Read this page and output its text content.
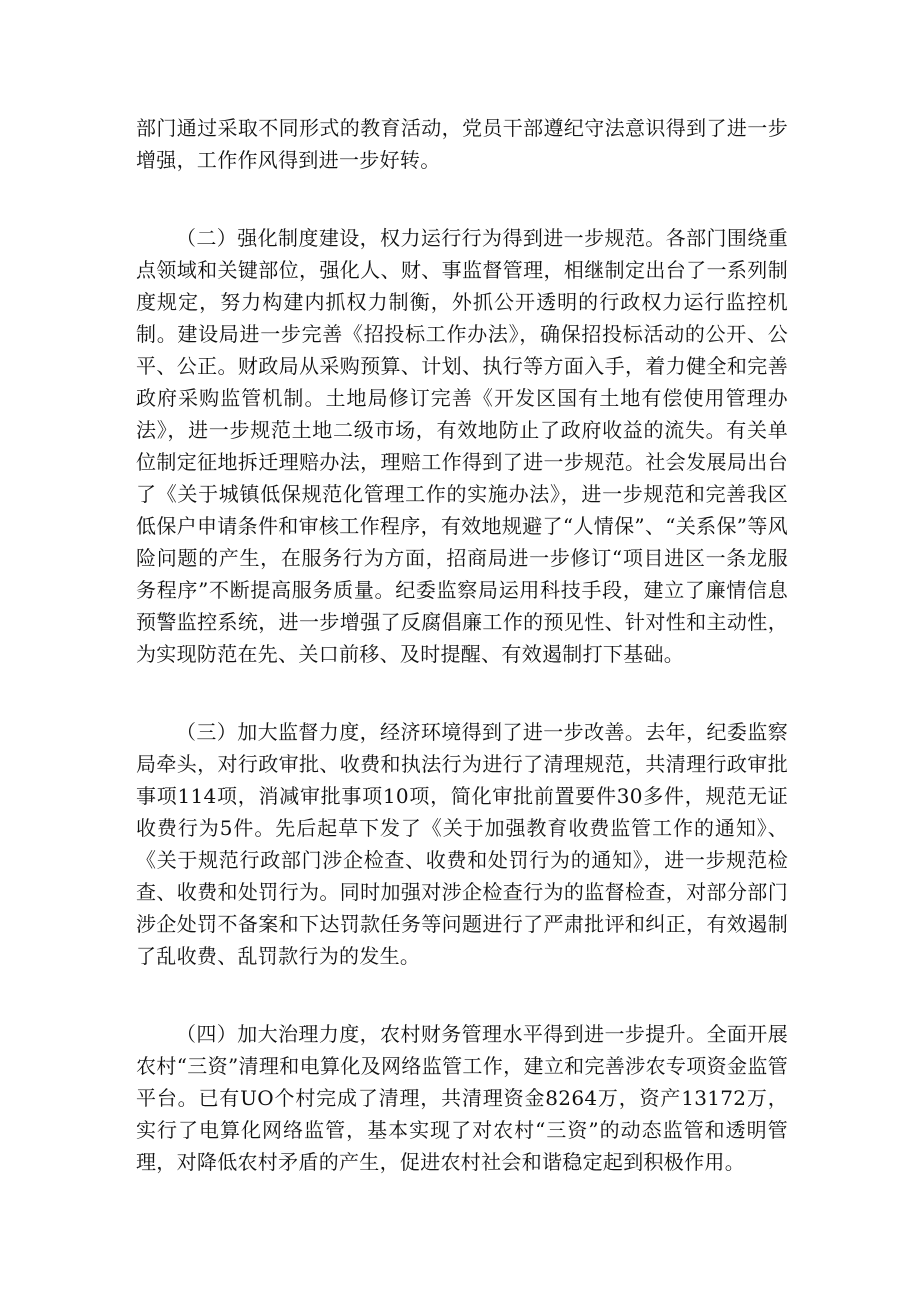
部门通过采取不同形式的教育活动，党员干部遵纪守法意识得到了进一步增强，工作作风得到进一步好转。

（二）强化制度建设，权力运行行为得到进一步规范。各部门围绕重点领域和关键部位，强化人、财、事监督管理，相继制定出台了一系列制度规定，努力构建内抓权力制衡，外抓公开透明的行政权力运行监控机制。建设局进一步完善《招投标工作办法》，确保招投标活动的公开、公平、公正。财政局从采购预算、计划、执行等方面入手，着力健全和完善政府采购监管机制。土地局修订完善《开发区国有土地有偿使用管理办法》，进一步规范土地二级市场，有效地防止了政府收益的流失。有关单位制定征地拆迁理赔办法，理赔工作得到了进一步规范。社会发展局出台了《关于城镇低保规范化管理工作的实施办法》，进一步规范和完善我区低保户申请条件和审核工作程序，有效地规避了“人情保”、“关系保”等风险问题的产生，在服务行为方面，招商局进一步修订“项目进区一条龙服务程序”不断提高服务质量。纪委监察局运用科技手段，建立了廉情信息预警监控系统，进一步增强了反腐倡廉工作的预见性、针对性和主动性，为实现防范在先、关口前移、及时提醒、有效遏制打下基础。

（三）加大监督力度，经济环境得到了进一步改善。去年，纪委监察局牵头，对行政审批、收费和执法行为进行了清理规范，共清理行政审批事项114项，消减审批事项10项，简化审批前置要件30多件，规范无证收费行为5件。先后起草下发了《关于加强教育收费监管工作的通知》、《关于规范行政部门涉企检查、收费和处罚行为的通知》，进一步规范检查、收费和处罚行为。同时加强对涉企检查行为的监督检查，对部分部门涉企处罚不备案和下达罚款任务等问题进行了严肃批评和纠正，有效遏制了乱收费、乱罚款行为的发生。

（四）加大治理力度，农村财务管理水平得到进一步提升。全面开展农村“三资”清理和电算化及网络监管工作，建立和完善涉农专项资金监管平台。已有UO个村完成了清理，共清理资金8264万，资产13172万，实行了电算化网络监管，基本实现了对农村“三资”的动态监管和透明管理，对降低农村矛盾的产生，促进农村社会和谐稳定起到积极作用。
